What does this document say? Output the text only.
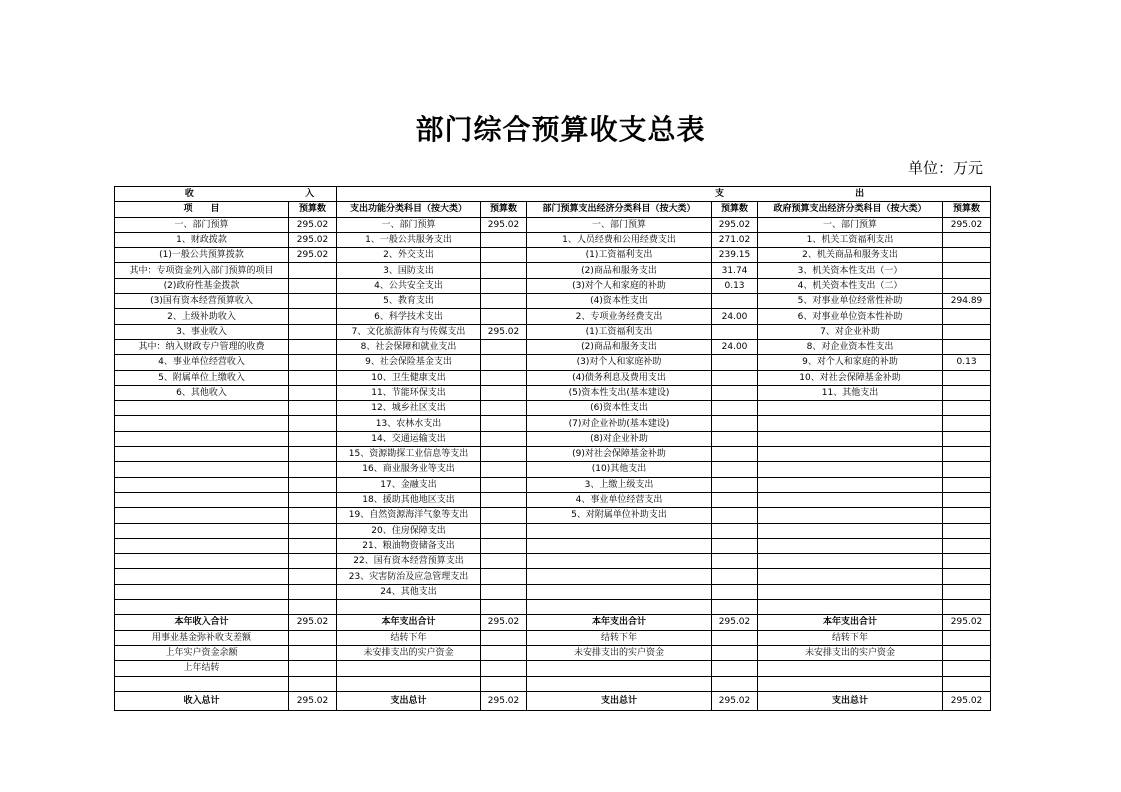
部门综合预算收支总表
单位：万元
收 入		支 出					
项　　目	预算数	支出功能分类科目（按大类）	预算数	部门预算支出经济分类科目（按大类）	预算数	政府预算支出经济分类科目（按大类）	预算数
一、部门预算	295.02	一、部门预算	295.02	一、部门预算	295.02	一、部门预算	295.02
1、财政拨款	295.02	1、一般公共服务支出		1、人员经费和公用经费支出	271.02	1、机关工资福利支出	
(1)一般公共预算拨款	295.02	2、外交支出		(1)工资福利支出	239.15	2、机关商品和服务支出	
其中：专项资金列入部门预算的项目		3、国防支出		(2)商品和服务支出	31.74	3、机关资本性支出（一）	
(2)政府性基金拨款		4、公共安全支出		(3)对个人和家庭的补助	0.13	4、机关资本性支出（二）	
(3)国有资本经营预算收入		5、教育支出		(4)资本性支出		5、对事业单位经常性补助	294.89
2、上级补助收入		6、科学技术支出		2、专项业务经费支出	24.00	6、对事业单位资本性补助	
3、事业收入		7、文化旅游体育与传媒支出	295.02	(1)工资福利支出		7、对企业补助	
其中：纳入财政专户管理的收费		8、社会保障和就业支出		(2)商品和服务支出	24.00	8、对企业资本性支出	
4、事业单位经营收入		9、社会保险基金支出		(3)对个人和家庭补助		9、对个人和家庭的补助	0.13
5、附属单位上缴收入		10、卫生健康支出		(4)债务利息及费用支出		10、对社会保障基金补助	
6、其他收入		11、节能环保支出		(5)资本性支出(基本建设)		11、其他支出	
		12、城乡社区支出		(6)资本性支出			
		13、农林水支出		(7)对企业补助(基本建设)			
		14、交通运输支出		(8)对企业补助			
		15、资源勘探工业信息等支出		(9)对社会保障基金补助			
		16、商业服务业等支出		(10)其他支出			
		17、金融支出		3、上缴上级支出			
		18、援助其他地区支出		4、事业单位经营支出			
		19、自然资源海洋气象等支出		5、对附属单位补助支出			
		20、住房保障支出					
		21、粮油物资储备支出					
		22、国有资本经营预算支出					
		23、灾害防治及应急管理支出					
		24、其他支出					

本年收入合计	295.02	本年支出合计	295.02	本年支出合计	295.02	本年支出合计	295.02
用事业基金弥补收支差额		结转下年		结转下年		结转下年	
上年实户资金余额		未安排支出的实户资金		未安排支出的实户资金		未安排支出的实户资金	
上年结转							

收入总计	295.02	支出总计	295.02	支出总计	295.02	支出总计	295.02
